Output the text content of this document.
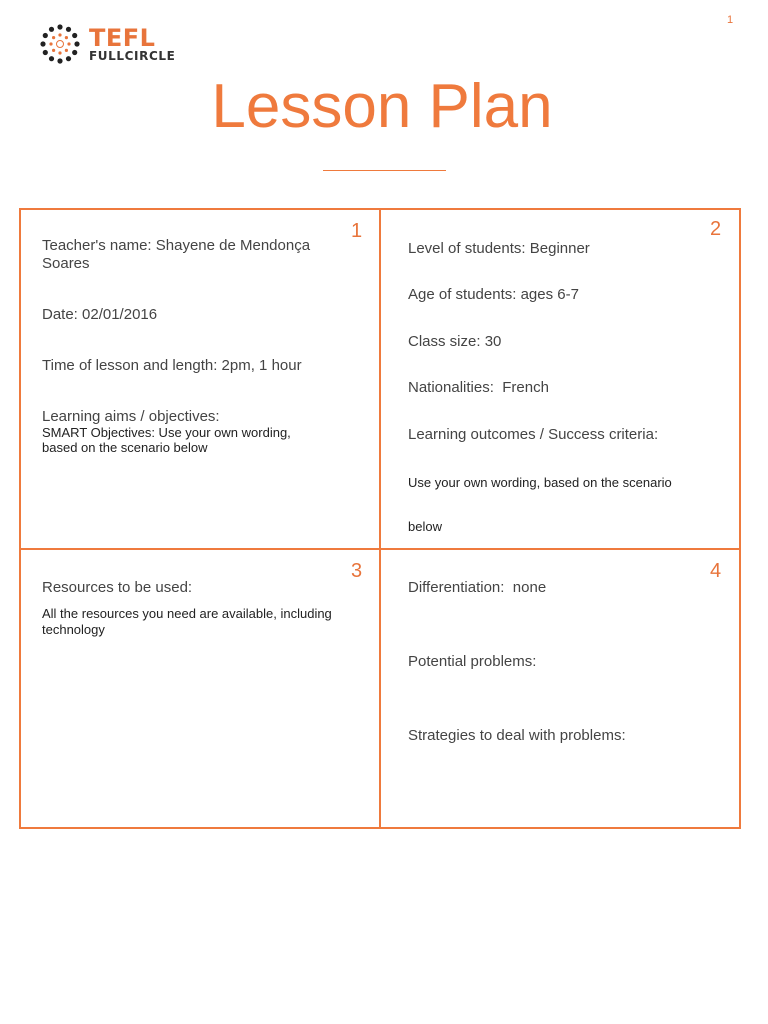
1
TEFL
FULLCIRCLE
Lesson Plan
1
Teacher's name: Shayene de Mendonça
Soares
Date: 02/01/2016
Time of lesson and length: 2pm, 1 hour
Learning aims / objectives:
SMART Objectives: Use your own wording,
based on the scenario below
2
Level of students: Beginner
Age of students: ages 6-7
Class size: 30
Nationalities: French
Learning outcomes / Success criteria:
Use your own wording, based on the scenario
below
3
Resources to be used:
All the resources you need are available, including
technology
4
Differentiation: none
Potential problems:
Strategies to deal with problems:
